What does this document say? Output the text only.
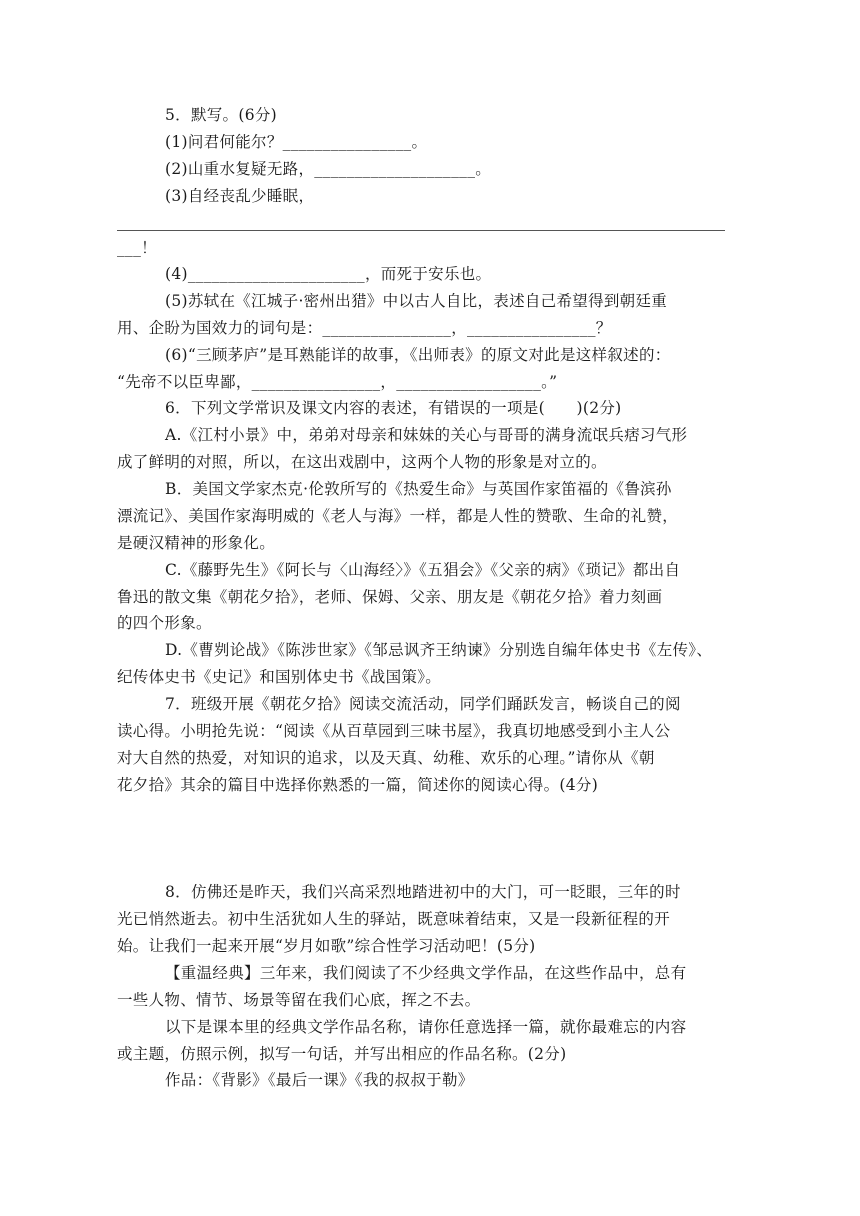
5．默写。(6分)
(1)问君何能尔？________________。
(2)山重水复疑无路，____________________。
(3)自经丧乱少睡眠，
___！
(4)______________________，而死于安乐也。
(5)苏轼在《江城子·密州出猎》中以古人自比，表述自己希望得到朝廷重
用、企盼为国效力的词句是：________________，________________？
(6)“三顾茅庐”是耳熟能详的故事，《出师表》的原文对此是这样叙述的：
“先帝不以臣卑鄙，________________，__________________。”
6．下列文学常识及课文内容的表述，有错误的一项是(　　)(2分)
A.《江村小景》中，弟弟对母亲和妹妹的关心与哥哥的满身流氓兵痞习气形
成了鲜明的对照，所以，在这出戏剧中，这两个人物的形象是对立的。
B．美国文学家杰克·伦敦所写的《热爱生命》与英国作家笛福的《鲁滨孙
漂流记》、美国作家海明威的《老人与海》一样，都是人性的赞歌、生命的礼赞，
是硬汉精神的形象化。
C.《藤野先生》《阿长与〈山海经〉》《五猖会》《父亲的病》《琐记》都出自
鲁迅的散文集《朝花夕拾》，老师、保姆、父亲、朋友是《朝花夕拾》着力刻画
的四个形象。
D.《曹刿论战》《陈涉世家》《邹忌讽齐王纳谏》分别选自编年体史书《左传》、
纪传体史书《史记》和国别体史书《战国策》。
7．班级开展《朝花夕拾》阅读交流活动，同学们踊跃发言，畅谈自己的阅
读心得。小明抢先说：“阅读《从百草园到三味书屋》，我真切地感受到小主人公
对大自然的热爱，对知识的追求，以及天真、幼稚、欢乐的心理。”请你从《朝
花夕拾》其余的篇目中选择你熟悉的一篇，简述你的阅读心得。(4分)
8．仿佛还是昨天，我们兴高采烈地踏进初中的大门，可一眨眼，三年的时
光已悄然逝去。初中生活犹如人生的驿站，既意味着结束，又是一段新征程的开
始。让我们一起来开展“岁月如歌”综合性学习活动吧！(5分)
【重温经典】三年来，我们阅读了不少经典文学作品，在这些作品中，总有
一些人物、情节、场景等留在我们心底，挥之不去。
以下是课本里的经典文学作品名称，请你任意选择一篇，就你最难忘的内容
或主题，仿照示例，拟写一句话，并写出相应的作品名称。(2分)
作品：《背影》《最后一课》《我的叔叔于勒》
